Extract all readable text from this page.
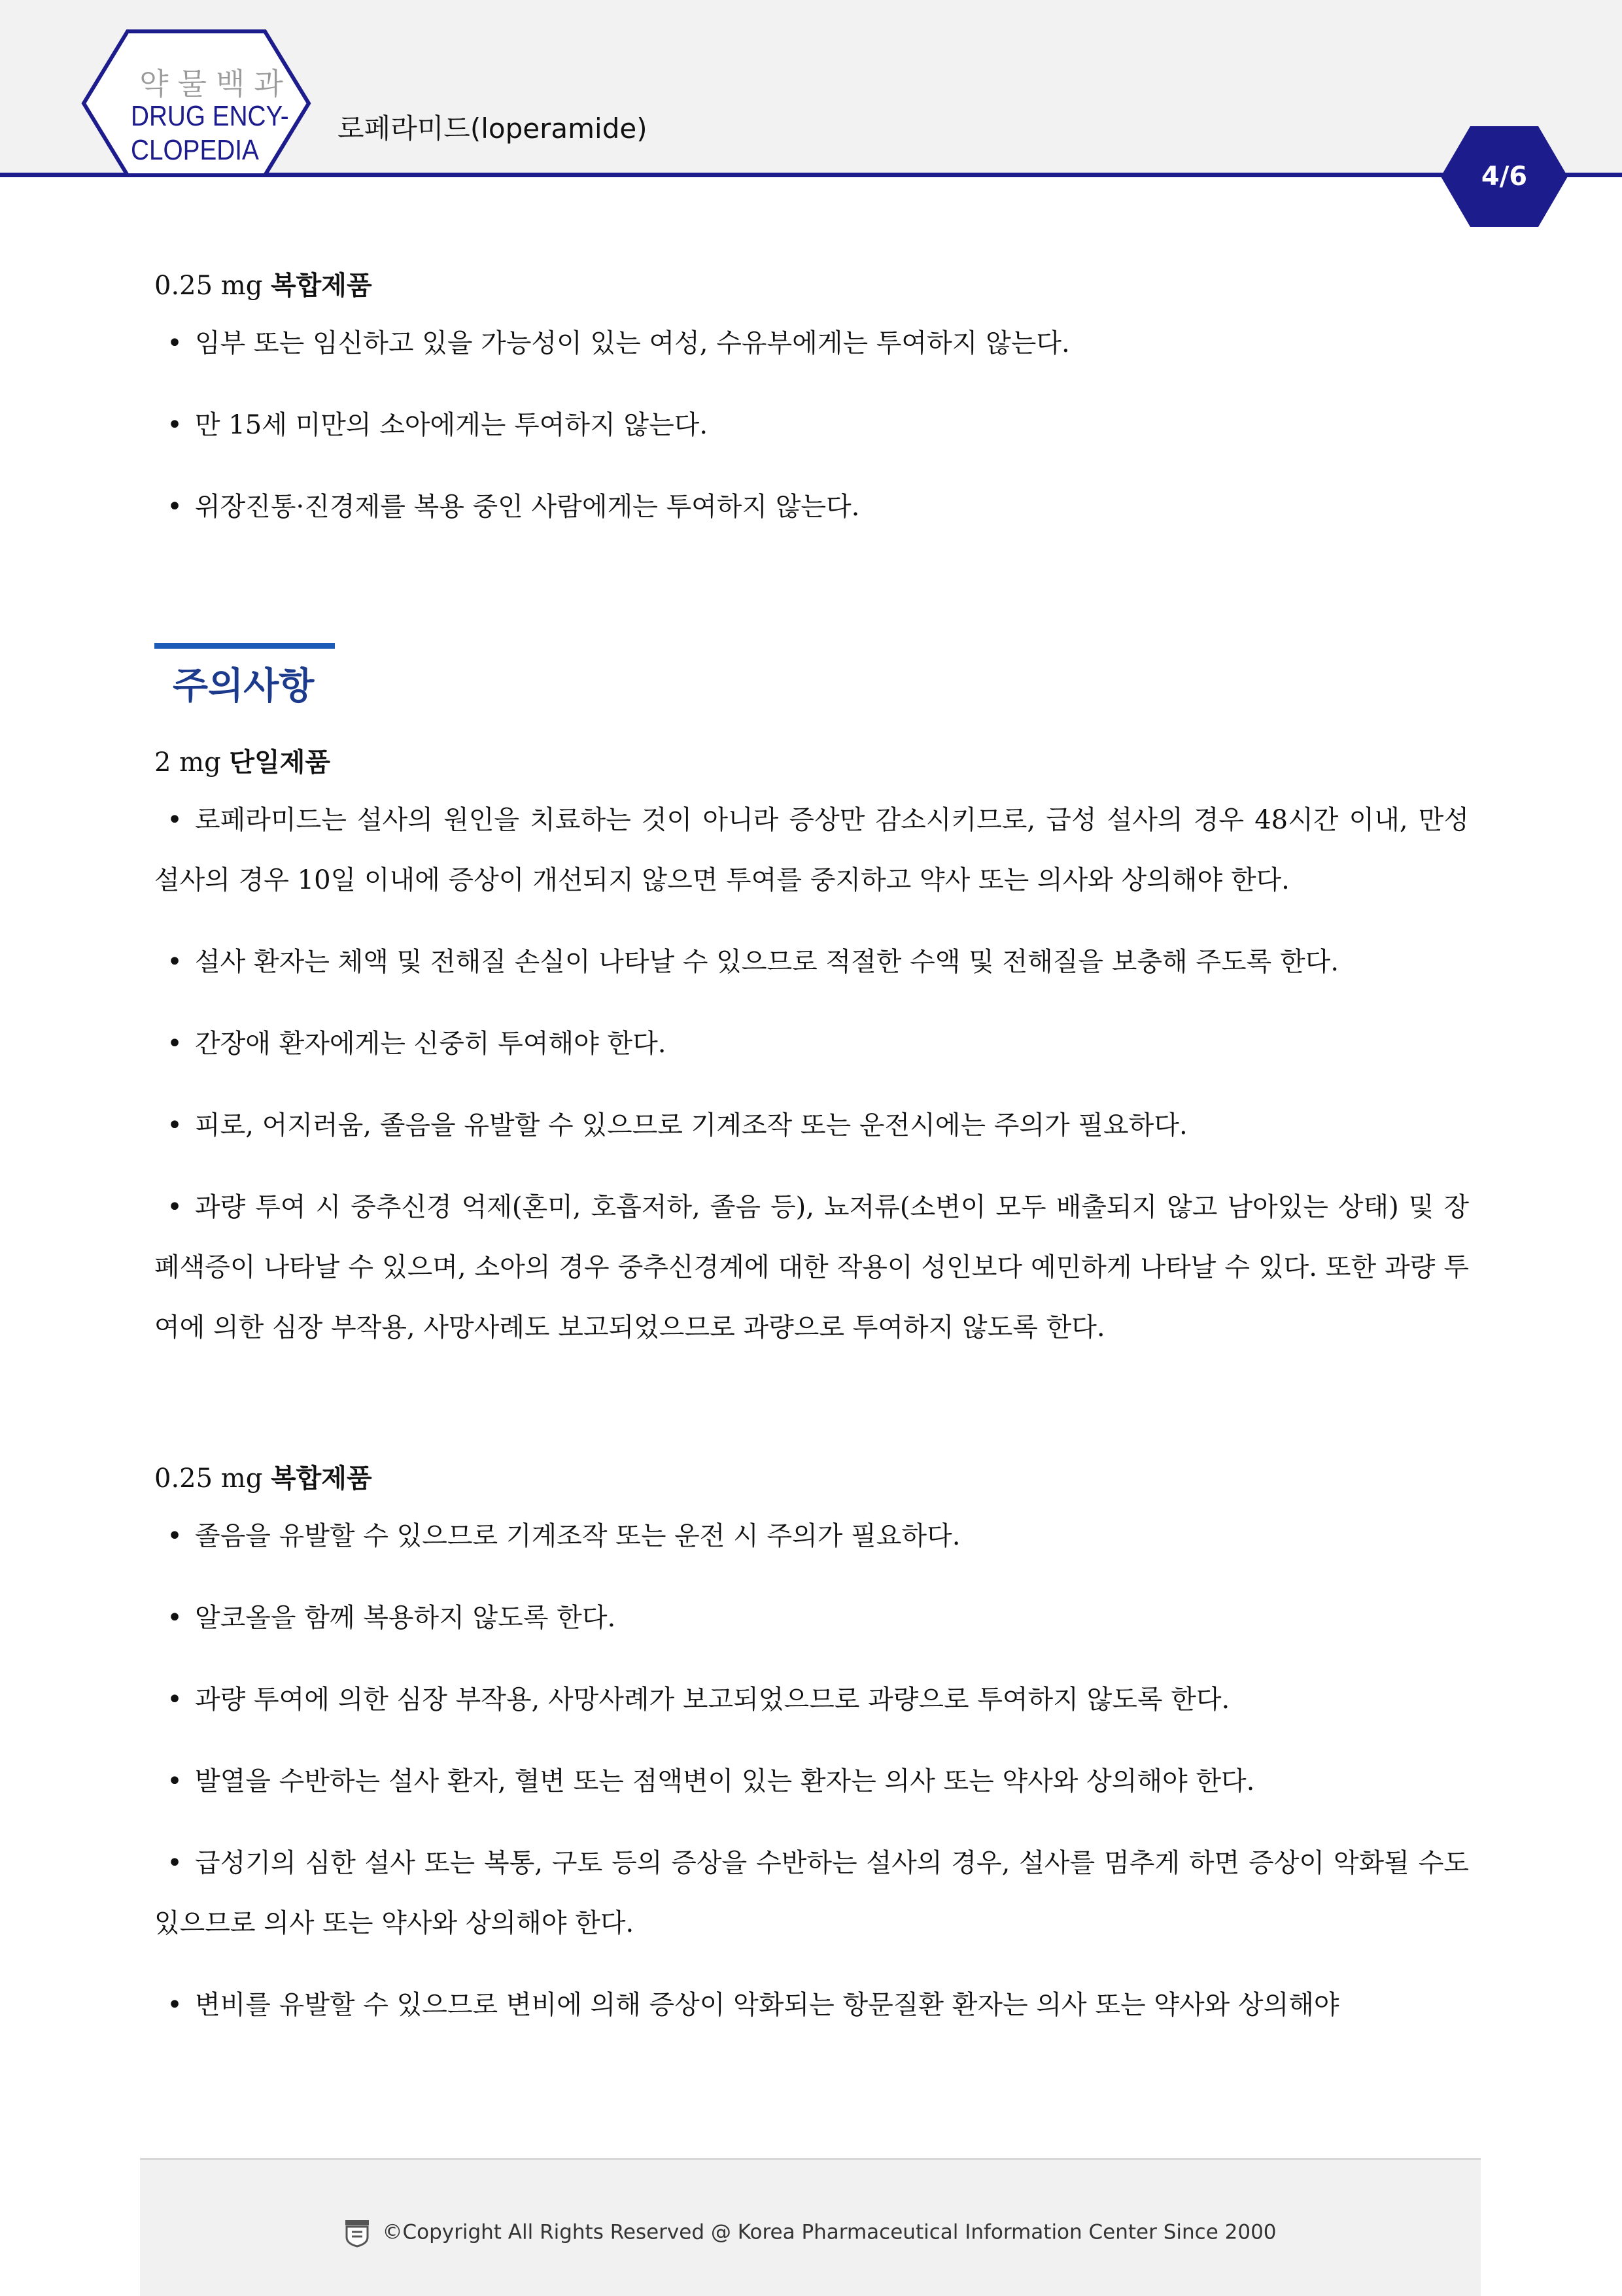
약물백과
DRUG ENCY-
CLOPEDIA
로페라미드(loperamide)
4/6
0.25 mg 복합제품
• 임부 또는 임신하고 있을 가능성이 있는 여성, 수유부에게는 투여하지 않는다.
• 만 15세 미만의 소아에게는 투여하지 않는다.
• 위장진통·진경제를 복용 중인 사람에게는 투여하지 않는다.
주의사항
2 mg 단일제품
• 로페라미드는 설사의 원인을 치료하는 것이 아니라 증상만 감소시키므로, 급성 설사의 경우 48시간 이내, 만성 설사의 경우 10일 이내에 증상이 개선되지 않으면 투여를 중지하고 약사 또는 의사와 상의해야 한다.
• 설사 환자는 체액 및 전해질 손실이 나타날 수 있으므로 적절한 수액 및 전해질을 보충해 주도록 한다.
• 간장애 환자에게는 신중히 투여해야 한다.
• 피로, 어지러움, 졸음을 유발할 수 있으므로 기계조작 또는 운전시에는 주의가 필요하다.
• 과량 투여 시 중추신경 억제(혼미, 호흡저하, 졸음 등), 뇨저류(소변이 모두 배출되지 않고 남아있는 상태) 및 장폐색증이 나타날 수 있으며, 소아의 경우 중추신경계에 대한 작용이 성인보다 예민하게 나타날 수 있다. 또한 과량 투여에 의한 심장 부작용, 사망사례도 보고되었으므로 과량으로 투여하지 않도록 한다.
0.25 mg 복합제품
• 졸음을 유발할 수 있으므로 기계조작 또는 운전 시 주의가 필요하다.
• 알코올을 함께 복용하지 않도록 한다.
• 과량 투여에 의한 심장 부작용, 사망사례가 보고되었으므로 과량으로 투여하지 않도록 한다.
• 발열을 수반하는 설사 환자, 혈변 또는 점액변이 있는 환자는 의사 또는 약사와 상의해야 한다.
• 급성기의 심한 설사 또는 복통, 구토 등의 증상을 수반하는 설사의 경우, 설사를 멈추게 하면 증상이 악화될 수도 있으므로 의사 또는 약사와 상의해야 한다.
• 변비를 유발할 수 있으므로 변비에 의해 증상이 악화되는 항문질환 환자는 의사 또는 약사와 상의해야
©Copyright All Rights Reserved @ Korea Pharmaceutical Information Center Since 2000
